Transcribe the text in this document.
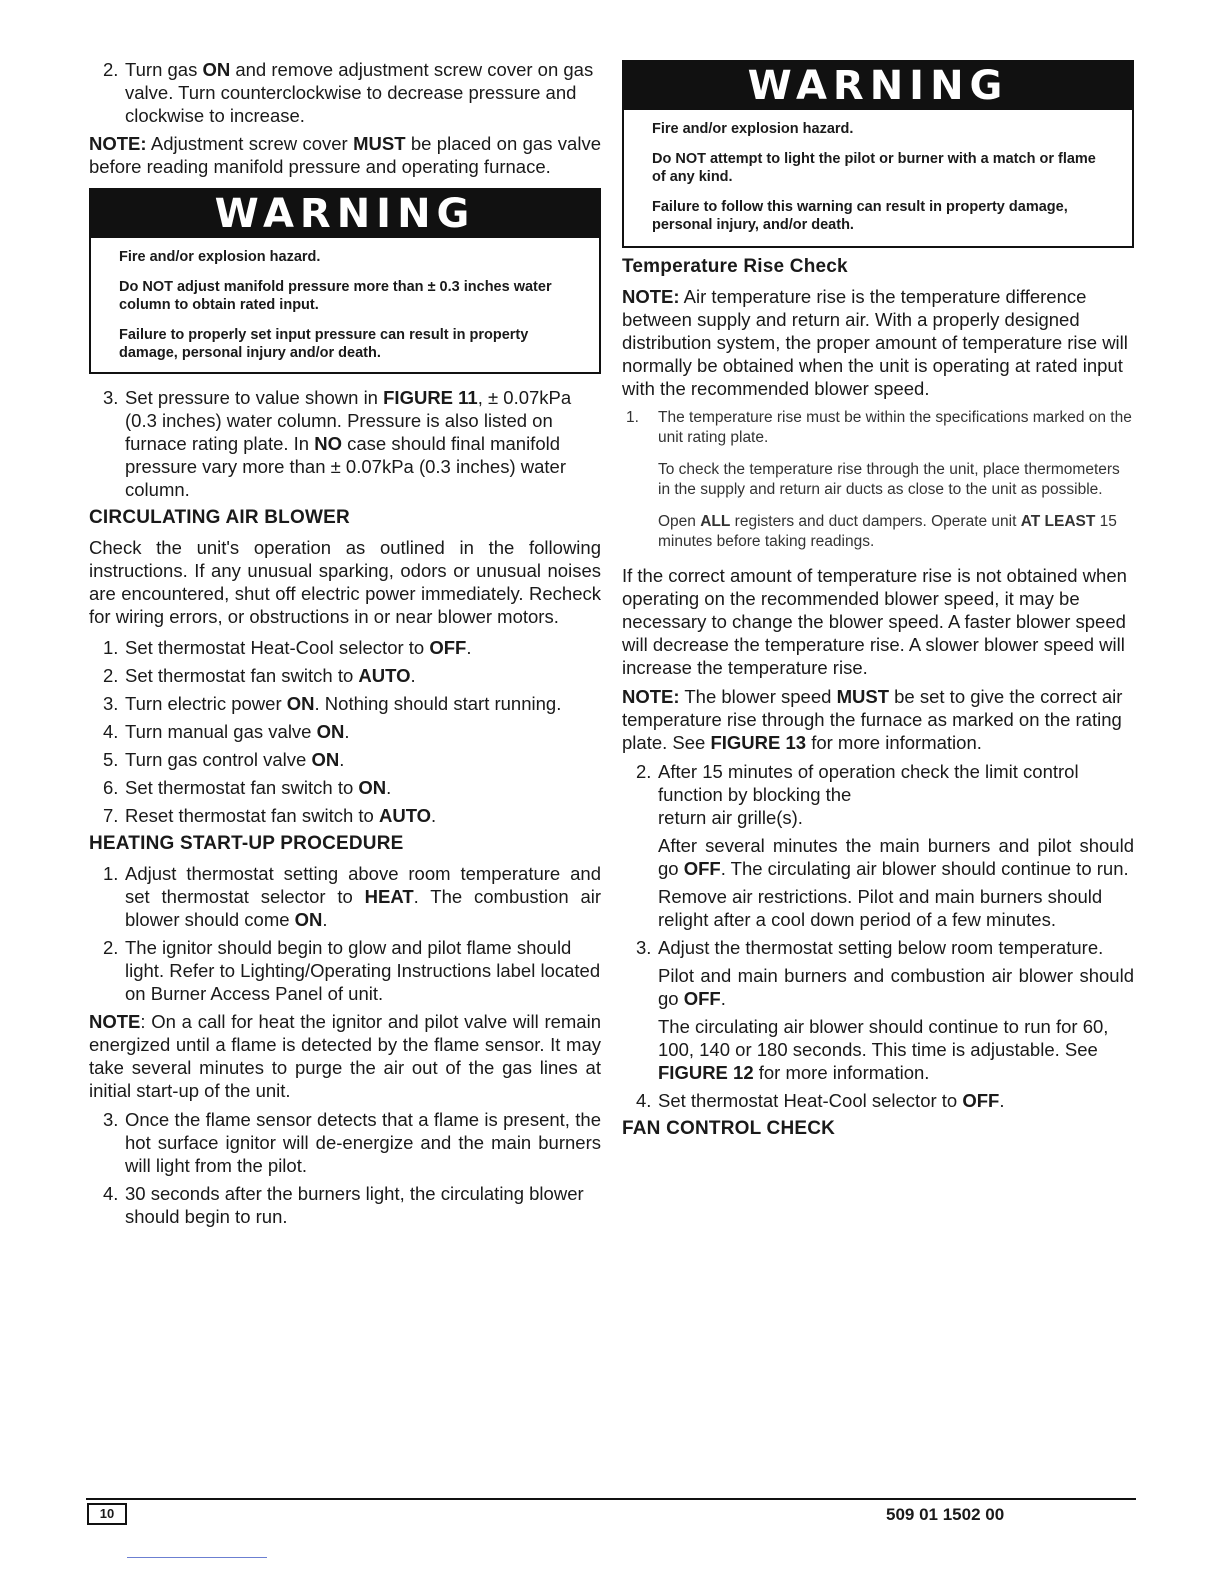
2. Turn gas ON and remove adjustment screw cover on gas valve. Turn counterclockwise to decrease pressure and clockwise to increase.

NOTE: Adjustment screw cover MUST be placed on gas valve before reading manifold pressure and operating furnace.

WARNING

Fire and/or explosion hazard.

Do NOT adjust manifold pressure more than ± 0.3 inches water column to obtain rated input.

Failure to properly set input pressure can result in property damage, personal injury and/or death.

3. Set pressure to value shown in FIGURE 11, ± 0.07kPa (0.3 inches) water column. Pressure is also listed on furnace rating plate. In NO case should final manifold pressure vary more than ± 0.07kPa (0.3 inches) water column.
CIRCULATING AIR BLOWER

Check the unit's operation as outlined in the following instructions. If any unusual sparking, odors or unusual noises are encountered, shut off electric power immediately. Recheck for wiring errors, or obstructions in or near blower motors.

1. Set thermostat Heat-Cool selector to OFF.
2. Set thermostat fan switch to AUTO.
3. Turn electric power ON. Nothing should start running.
4. Turn manual gas valve ON.
5. Turn gas control valve ON.
6. Set thermostat fan switch to ON.
7. Reset thermostat fan switch to AUTO.
HEATING START-UP PROCEDURE
1. Adjust thermostat setting above room temperature and set thermostat selector to HEAT. The combustion air blower should come ON.
2. The ignitor should begin to glow and pilot flame should light. Refer to Lighting/Operating Instructions label located on Burner Access Panel of unit.

NOTE: On a call for heat the ignitor and pilot valve will remain energized until a flame is detected by the flame sensor. It may take several minutes to purge the air out of the gas lines at initial start-up of the unit.

3. Once the flame sensor detects that a flame is present, the hot surface ignitor will de-energize and the main burners will light from the pilot.
4. 30 seconds after the burners light, the circulating blower should begin to run.
WARNING

Fire and/or explosion hazard.

Do NOT attempt to light the pilot or burner with a match or flame of any kind.

Failure to follow this warning can result in property damage, personal injury, and/or death.

Temperature Rise Check

NOTE: Air temperature rise is the temperature difference between supply and return air. With a properly designed distribution system, the proper amount of temperature rise will normally be obtained when the unit is operating at rated input with the recommended blower speed.

1. The temperature rise must be within the specifications marked on the unit rating plate.
To check the temperature rise through the unit, place thermometers in the supply and return air ducts as close to the unit as possible.
Open ALL registers and duct dampers. Operate unit AT LEAST 15 minutes before taking readings.

If the correct amount of temperature rise is not obtained when operating on the recommended blower speed, it may be necessary to change the blower speed. A faster blower speed will decrease the temperature rise. A slower blower speed will increase the temperature rise.

NOTE: The blower speed MUST be set to give the correct air temperature rise through the furnace as marked on the rating plate. See FIGURE 13 for more information.

2. After 15 minutes of operation check the limit control function by blocking the
return air grille(s).
After several minutes the main burners and pilot should go OFF. The circulating air blower should continue to run.
Remove air restrictions. Pilot and main burners should relight after a cool down period of a few minutes.
3. Adjust the thermostat setting below room temperature.
Pilot and main burners and combustion air blower should go OFF.
The circulating air blower should continue to run for 60, 100, 140 or 180 seconds. This time is adjustable. See FIGURE 12 for more information.
4. Set thermostat Heat-Cool selector to OFF.
FAN CONTROL CHECK
10	509 01 1502 00
